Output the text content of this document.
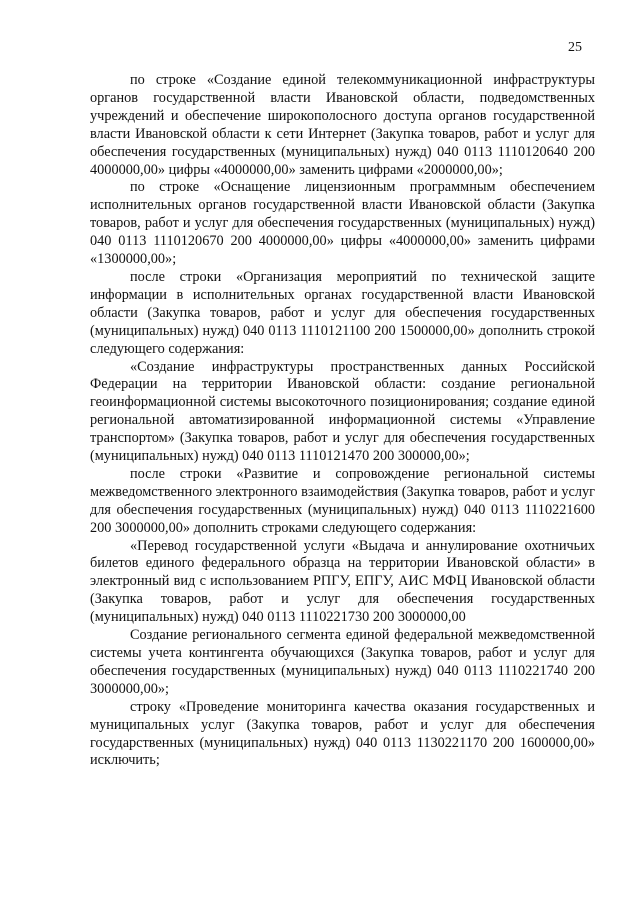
25

по строке «Создание единой телекоммуникационной инфраструктуры органов государственной власти Ивановской области, подведомственных учреждений и обеспечение широкополосного доступа органов государственной власти Ивановской области к сети Интернет (Закупка товаров, работ и услуг для обеспечения государственных (муниципальных) нужд) 040 0113 1110120640 200 4000000,00» цифры «4000000,00» заменить цифрами «2000000,00»;

по строке «Оснащение лицензионным программным обеспечением исполнительных органов государственной власти Ивановской области (Закупка товаров, работ и услуг для обеспечения государственных (муниципальных) нужд) 040 0113 1110120670 200 4000000,00» цифры «4000000,00» заменить цифрами «1300000,00»;

после строки «Организация мероприятий по технической защите информации в исполнительных органах государственной власти Ивановской области (Закупка товаров, работ и услуг для обеспечения государственных (муниципальных) нужд) 040 0113 1110121100 200 1500000,00» дополнить строкой следующего содержания:

«Создание инфраструктуры пространственных данных Российской Федерации на территории Ивановской области: создание региональной геоинформационной системы высокоточного позиционирования; создание единой региональной автоматизированной информационной системы «Управление транспортом» (Закупка товаров, работ и услуг для обеспечения государственных (муниципальных) нужд) 040 0113 1110121470 200 300000,00»;

после строки «Развитие и сопровождение региональной системы межведомственного электронного взаимодействия (Закупка товаров, работ и услуг для обеспечения государственных (муниципальных) нужд) 040 0113 1110221600 200 3000000,00» дополнить строками следующего содержания:

«Перевод государственной услуги «Выдача и аннулирование охотничьих билетов единого федерального образца на территории Ивановской области» в электронный вид с использованием РПГУ, ЕПГУ, АИС МФЦ Ивановской области (Закупка товаров, работ и услуг для обеспечения государственных (муниципальных) нужд) 040 0113 1110221730 200 3000000,00

Создание регионального сегмента единой федеральной межведомственной системы учета контингента обучающихся (Закупка товаров, работ и услуг для обеспечения государственных (муниципальных) нужд) 040 0113 1110221740 200 3000000,00»;

строку «Проведение мониторинга качества оказания государственных и муниципальных услуг (Закупка товаров, работ и услуг для обеспечения государственных (муниципальных) нужд) 040 0113 1130221170 200 1600000,00» исключить;
